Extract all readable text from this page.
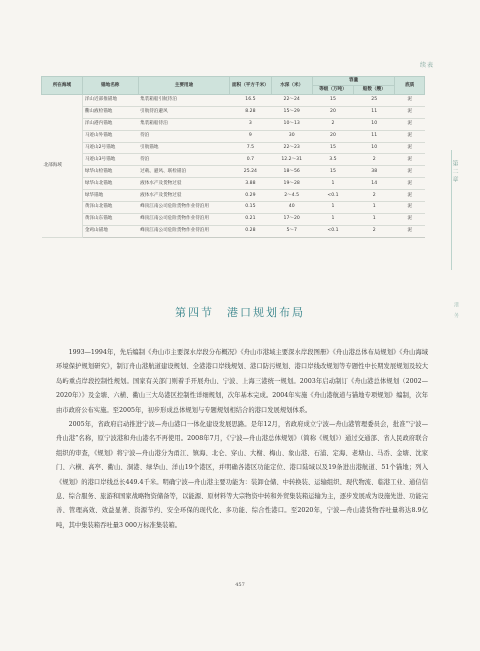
续表
所在海域	锚地名称	主要用途	面积（平方千米）	水深（米）	容量		底质
					等级（万吨）	船数（艘）	
北部海域	洋山近部推锚地	集装箱船引航待泊	16.5	22～24	15	25	泥
	衢山液检锚地	引航待泊避风	8.28	15～29	20	11	泥
	洋山港内锚地	集装箱船待泊	3	10～13	2	10	泥
	马迹山外锚地	待泊	9	30	20	11	泥
	马迹山2号锚地	引航锚地	7.5	22～23	15	10	泥
	马迹山3号锚地	待泊	0.7	12.2～31	3.5	2	泥
	绿华山检锚地	过载、避风、联检锚泊	25.24	18～56	15	38	泥
	绿华山北锚地	液体水产及货物过驳	3.88	19～28	1	14	泥
	绿华锚地	液体水产及货物过驳	0.29	2～4.5	<0.1	2	泥
	黄泽山北锚地	峰顶江南公司危险货物作业待泊用	0.15	40	1	1	泥
	黄泽山东锚地	峰顶江南公司危险货物作业待泊用	0.21	17～20	1	1	泥
	金鸡山锚地	峰顶江南公司危险货物作业待泊用	0.28	5～7	<0.1	2	泥
第二章
港 务
第四节　港口规划布局

1993—1994年，先后编制《舟山市主要深水岸段分布概况》《舟山市港域主要深水岸段图册》《舟山港总体布局规划》《舟山海域环境保护规划研究》，制订舟山港航道建设规划、全港港口岸线规划、港口防污规划、港口岸线改规划等专题性中长期发展规划及较大岛屿重点岸段控制性规划。国家有关部门则着手开展舟山、宁波、上海三港统一规划。2003年启动制订《舟山港总体规划（2002—2020年）》及金塘、六横、衢山三大岛港区控制性详细规划，次年基本完成。2004年实施《舟山港航道与锚地专项规划》编制，次年由市政府公布实施。至2005年，初步形成总体规划与专题规划相结合的港口发展规划体系。

2005年，省政府启动推进宁波—舟山港口一体化建设发展思路。是年12月，省政府成立宁波—舟山港管理委员会，批准“宁波—舟山港”名称，原宁波港和舟山港名不再使用。2008年7月，《宁波—舟山港总体规划》（简称《规划》）通过交通部、省人民政府联合组织的审查，《规划》将宁波—舟山港分为甬江、镇海、北仑、穿山、大榭、梅山、象山港、石浦、定海、老塘山、马岙、金塘、沈家门、六横、高亭、衢山、洞港、绿华山、洋山19个港区，并明确各港区功能定位、港口陆域以及19条进出港航道、51个锚地；列入《规划》的港口岸线总长449.4千米。明确宁波—舟山港主要功能为：装卸仓储、中转换装、运输组织、现代物流、临港工业、通信信息、综合服务、旅游和国家战略物资储备等，以能源、原材料等大宗物资中转和外贸集装箱运输为主，逐步发展成为设施先进、功能完善、管理高效、效益显著、资源节约、安全环保的现代化、多功能、综合性港口。至2020年，宁波—舟山港货物吞吐量将达8.9亿吨，其中集装箱吞吐量3 000万标准集装箱。

457
